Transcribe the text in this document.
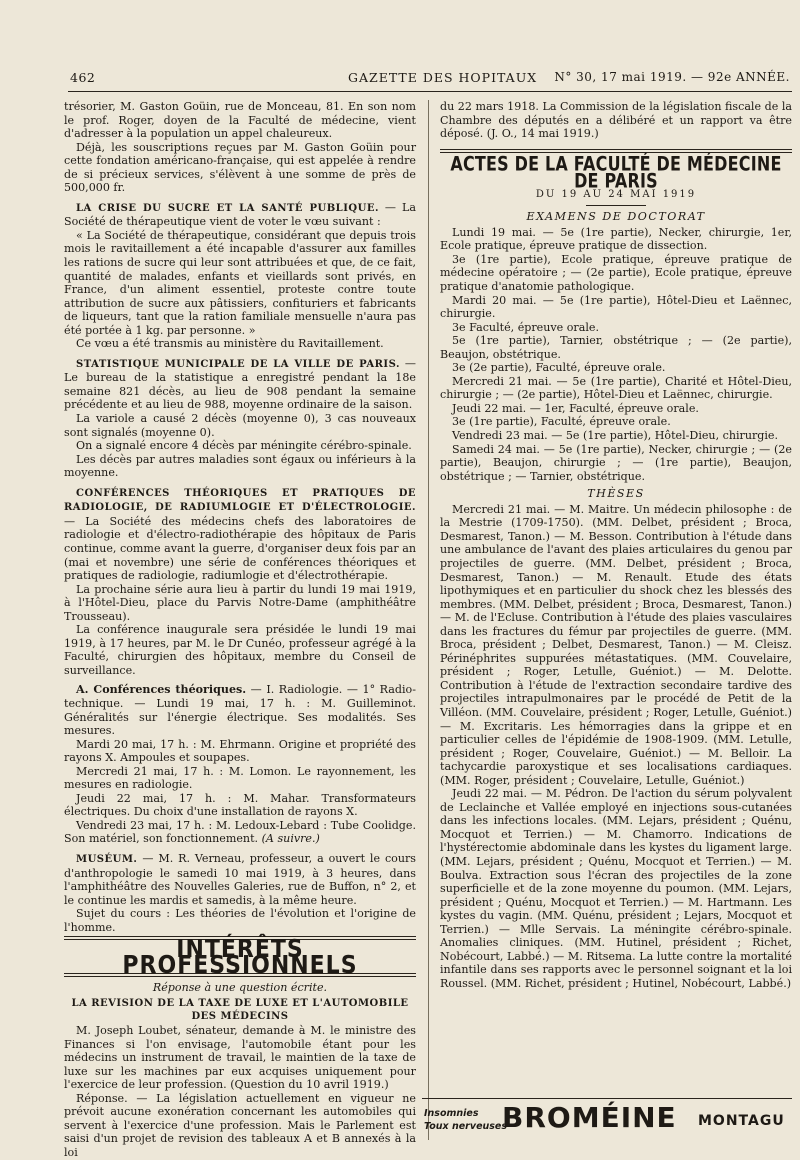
462	GAZETTE DES HOPITAUX N° 30, 17 mai 1919. — 92e ANNÉE.

trésorier, M. Gaston Goüin, rue de Monceau, 81. En son nom le prof. Roger, doyen de la Faculté de médecine, vient d'adresser à la population un appel chaleureux.

Déjà, les souscriptions reçues par M. Gaston Goüin pour cette fondation américano-française, qui est appelée à rendre de si précieux services, s'élèvent à une somme de près de 500,000 fr.

LA CRISE DU SUCRE ET LA SANTÉ PUBLIQUE. — La Société de thérapeutique vient de voter le vœu suivant :

« La Société de thérapeutique, considérant que depuis trois mois le ravitaillement a été incapable d'assurer aux familles les rations de sucre qui leur sont attribuées et que, de ce fait, quantité de malades, enfants et vieillards sont privés, en France, d'un aliment essentiel, proteste contre toute attribution de sucre aux pâtissiers, confituriers et fabricants de liqueurs, tant que la ration familiale mensuelle n'aura pas été portée à 1 kg. par personne. »

Ce vœu a été transmis au ministère du Ravitaillement.

STATISTIQUE MUNICIPALE DE LA VILLE DE PARIS. — Le bureau de la statistique a enregistré pendant la 18e semaine 821 décès, au lieu de 908 pendant la semaine précédente et au lieu de 988, moyenne ordinaire de la saison.

La variole a causé 2 décès (moyenne 0), 3 cas nouveaux sont signalés (moyenne 0).

On a signalé encore 4 décès par méningite cérébro-spinale.

Les décès par autres maladies sont égaux ou inférieurs à la moyenne.

CONFÉRENCES THÉORIQUES ET PRATIQUES DE RADIOLOGIE, DE RADIUMLOGIE ET D'ÉLECTROLOGIE. — La Société des médecins chefs des laboratoires de radiologie et d'électro-radiothérapie des hôpitaux de Paris continue, comme avant la guerre, d'organiser deux fois par an (mai et novembre) une série de conférences théoriques et pratiques de radiologie, radiumlogie et d'électrothérapie.

La prochaine série aura lieu à partir du lundi 19 mai 1919, à l'Hôtel-Dieu, place du Parvis Notre-Dame (amphithéâtre Trousseau).

La conférence inaugurale sera présidée le lundi 19 mai 1919, à 17 heures, par M. le Dr Cunéo, professeur agrégé à la Faculté, chirurgien des hôpitaux, membre du Conseil de surveillance.

A. Conférences théoriques. — I. Radiologie. — 1° Radio-technique. — Lundi 19 mai, 17 h. : M. Guilleminot. Généralités sur l'énergie électrique. Ses modalités. Ses mesures.

Mardi 20 mai, 17 h. : M. Ehrmann. Origine et propriété des rayons X. Ampoules et soupapes.

Mercredi 21 mai, 17 h. : M. Lomon. Le rayonnement, les mesures en radiologie.

Jeudi 22 mai, 17 h. : M. Mahar. Transformateurs électriques. Du choix d'une installation de rayons X.

Vendredi 23 mai, 17 h. : M. Ledoux-Lebard : Tube Coolidge. Son matériel, son fonctionnement. (A suivre.)

MUSÉUM. — M. R. Verneau, professeur, a ouvert le cours d'anthropologie le samedi 10 mai 1919, à 3 heures, dans l'amphithéâtre des Nouvelles Galeries, rue de Buffon, n° 2, et le continue les mardis et samedis, à la même heure.

Sujet du cours : Les théories de l'évolution et l'origine de l'homme.

INTÉRÊTS PROFESSIONNELS
Réponse à une question écrite.
LA REVISION DE LA TAXE DE LUXE ET L'AUTOMOBILE DES MÉDECINS

M. Joseph Loubet, sénateur, demande à M. le ministre des Finances si l'on envisage, l'automobile étant pour les médecins un instrument de travail, le maintien de la taxe de luxe sur les machines par eux acquises uniquement pour l'exercice de leur profession. (Question du 10 avril 1919.)

Réponse. — La législation actuellement en vigueur ne prévoit aucune exonération concernant les automobiles qui servent à l'exercice d'une profession. Mais le Parlement est saisi d'un projet de revision des tableaux A et B annexés à la loi

du 22 mars 1918. La Commission de la législation fiscale de la Chambre des députés en a délibéré et un rapport va être déposé. (J. O., 14 mai 1919.)

ACTES DE LA FACULTÉ DE MÉDECINE DE PARIS
DU 19 AU 24 MAI 1919
EXAMENS DE DOCTORAT

Lundi 19 mai. — 5e (1re partie), Necker, chirurgie, 1er, Ecole pratique, épreuve pratique de dissection.

3e (1re partie), Ecole pratique, épreuve pratique de médecine opératoire ; — (2e partie), Ecole pratique, épreuve pratique d'anatomie pathologique.

Mardi 20 mai. — 5e (1re partie), Hôtel-Dieu et Laënnec, chirurgie.

3e Faculté, épreuve orale.

5e (1re partie), Tarnier, obstétrique ; — (2e partie), Beaujon, obstétrique.

3e (2e partie), Faculté, épreuve orale.

Mercredi 21 mai. — 5e (1re partie), Charité et Hôtel-Dieu, chirurgie ; — (2e partie), Hôtel-Dieu et Laënnec, chirurgie.

Jeudi 22 mai. — 1er, Faculté, épreuve orale.

3e (1re partie), Faculté, épreuve orale.

Vendredi 23 mai. — 5e (1re partie), Hôtel-Dieu, chirurgie.

Samedi 24 mai. — 5e (1re partie), Necker, chirurgie ; — (2e partie), Beaujon, chirurgie ; — (1re partie), Beaujon, obstétrique ; — Tarnier, obstétrique.

THÈSES

Mercredi 21 mai. — M. Maitre. Un médecin philosophe : de la Mestrie (1709-1750). (MM. Delbet, président ; Broca, Desmarest, Tanon.) — M. Besson. Contribution à l'étude dans une ambulance de l'avant des plaies articulaires du genou par projectiles de guerre. (MM. Delbet, président ; Broca, Desmarest, Tanon.) — M. Renault. Etude des états lipothymiques et en particulier du shock chez les blessés des membres. (MM. Delbet, président ; Broca, Desmarest, Tanon.) — M. de l'Ecluse. Contribution à l'étude des plaies vasculaires dans les fractures du fémur par projectiles de guerre. (MM. Broca, président ; Delbet, Desmarest, Tanon.) — M. Cleisz. Périnéphrites suppurées métastatiques. (MM. Couvelaire, président ; Roger, Letulle, Guéniot.) — M. Delotte. Contribution à l'étude de l'extraction secondaire tardive des projectiles intrapulmonaires par le procédé de Petit de la Villéon. (MM. Couvelaire, président ; Roger, Letulle, Guéniot.) — M. Excritaris. Les hémorragies dans la grippe et en particulier celles de l'épidémie de 1908-1909. (MM. Letulle, président ; Roger, Couvelaire, Guéniot.) — M. Belloir. La tachycardie paroxystique et ses localisations cardiaques. (MM. Roger, président ; Couvelaire, Letulle, Guéniot.)

Jeudi 22 mai. — M. Pédron. De l'action du sérum polyvalent de Leclainche et Vallée employé en injections sous-cutanées dans les infections locales. (MM. Lejars, président ; Quénu, Mocquot et Terrien.) — M. Chamorro. Indications de l'hystérectomie abdominale dans les kystes du ligament large. (MM. Lejars, président ; Quénu, Mocquot et Terrien.) — M. Boulva. Extraction sous l'écran des projectiles de la zone superficielle et de la zone moyenne du poumon. (MM. Lejars, président ; Quénu, Mocquot et Terrien.) — M. Hartmann. Les kystes du vagin. (MM. Quénu, président ; Lejars, Mocquot et Terrien.) — Mlle Servais. La méningite cérébro-spinale. Anomalies cliniques. (MM. Hutinel, président ; Richet, Nobécourt, Labbé.) — M. Ritsema. La lutte contre la mortalité infantile dans ses rapports avec le personnel soignant et la loi Roussel. (MM. Richet, président ; Hutinel, Nobécourt, Labbé.)

Insomnies
Toux nerveuses
BROMÉINE MONTAGU
